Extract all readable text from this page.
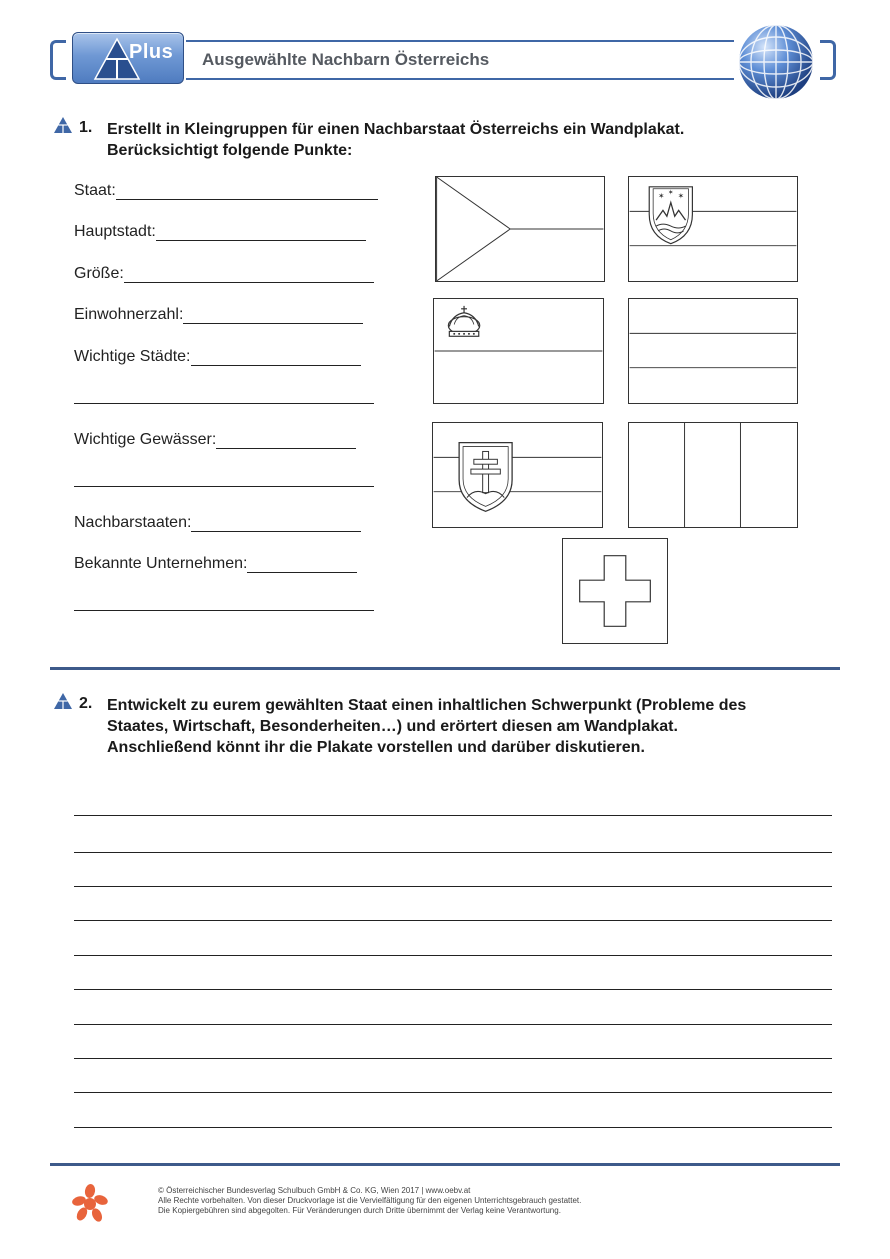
Plus Ausgewählte Nachbarn Österreichs
1. Erstellt in Kleingruppen für einen Nachbarstaat Österreichs ein Wandplakat.
Berücksichtigt folgende Punkte:
Staat:
Hauptstadt:
Größe:
Einwohnerzahl:
Wichtige Städte:
Wichtige Gewässer:
Nachbarstaaten:
Bekannte Unternehmen:
✶ ✶
✶
2. Entwickelt zu eurem gewählten Staat einen inhaltlichen Schwerpunkt (Probleme des
Staates, Wirtschaft, Besonderheiten…) und erörtert diesen am Wandplakat.
Anschließend könnt ihr die Plakate vorstellen und darüber diskutieren.
© Österreichischer Bundesverlag Schulbuch GmbH & Co. KG, Wien 2017 | www.oebv.at
Alle Rechte vorbehalten. Von dieser Druckvorlage ist die Vervielfältigung für den eigenen Unterrichtsgebrauch gestattet.
Die Kopiergebühren sind abgegolten. Für Veränderungen durch Dritte übernimmt der Verlag keine Verantwortung.
